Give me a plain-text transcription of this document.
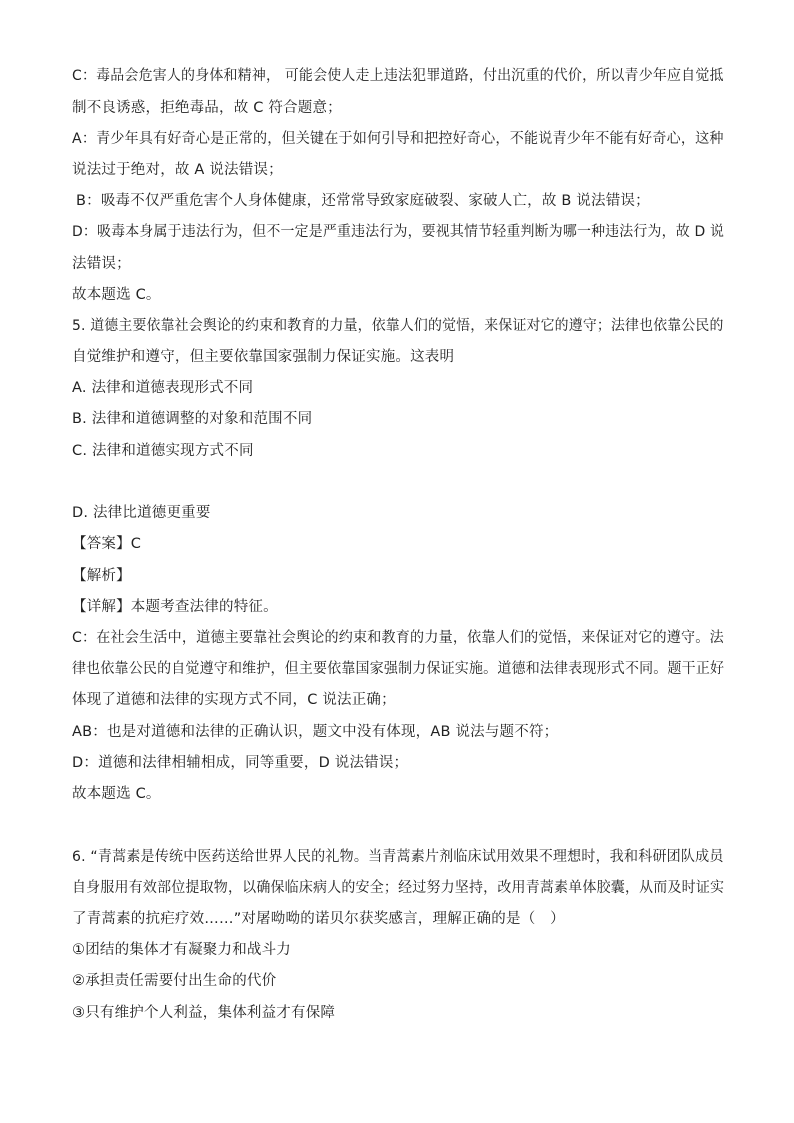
C：毒品会危害人的身体和精神， 可能会使人走上违法犯罪道路，付出沉重的代价，所以青少年应自觉抵
制不良诱惑，拒绝毒品，故 C 符合题意；
A：青少年具有好奇心是正常的，但关键在于如何引导和把控好奇心，不能说青少年不能有好奇心，这种
说法过于绝对，故 A 说法错误；
B：吸毒不仅严重危害个人身体健康，还常常导致家庭破裂、家破人亡，故 B 说法错误；
D：吸毒本身属于违法行为，但不一定是严重违法行为，要视其情节轻重判断为哪一种违法行为，故 D 说
法错误；
故本题选 C。
5. 道德主要依靠社会舆论的约束和教育的力量，依靠人们的觉悟，来保证对它的遵守；法律也依靠公民的
自觉维护和遵守，但主要依靠国家强制力保证实施。这表明
A. 法律和道德表现形式不同
B. 法律和道德调整的对象和范围不同
C. 法律和道德实现方式不同
D. 法律比道德更重要
【答案】C
【解析】
【详解】本题考查法律的特征。
C：在社会生活中，道德主要靠社会舆论的约束和教育的力量，依靠人们的觉悟，来保证对它的遵守。法
律也依靠公民的自觉遵守和维护，但主要依靠国家强制力保证实施。道德和法律表现形式不同。题干正好
体现了道德和法律的实现方式不同，C 说法正确；
AB：也是对道德和法律的正确认识，题文中没有体现，AB 说法与题不符；
D：道德和法律相辅相成，同等重要，D 说法错误；
故本题选 C。
6. “青蒿素是传统中医药送给世界人民的礼物。当青蒿素片剂临床试用效果不理想时，我和科研团队成员
自身服用有效部位提取物，以确保临床病人的安全；经过努力坚持，改用青蒿素单体胶囊，从而及时证实
了青蒿素的抗疟疗效……”对屠呦呦的诺贝尔获奖感言，理解正确的是（　）
①团结的集体才有凝聚力和战斗力
②承担责任需要付出生命的代价
③只有维护个人利益，集体利益才有保障
